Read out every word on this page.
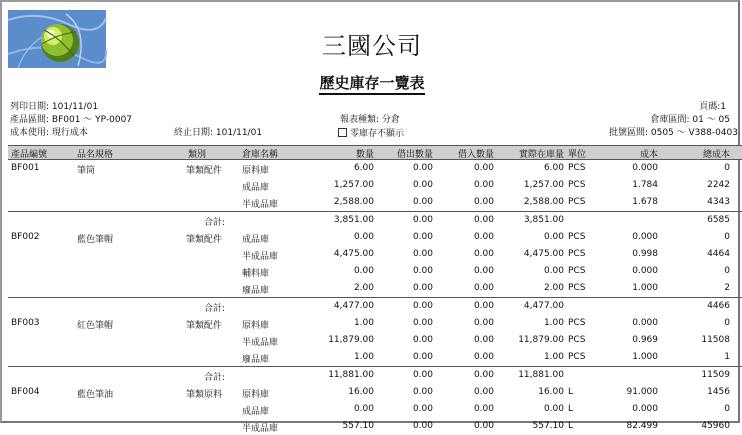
三國公司
歷史庫存一覽表
列印日期: 101/11/01
產品區間: BF001 ～ YP-0007
成本使用: 現行成本
報表種類: 分倉
終止日期: 101/11/01	零庫存不顯示
頁碼:1
倉庫區間: 01 ～ 05
批號區間: 0505 ～ V388-0403
產品編號	品名規格	類別	倉庫名稱	數量	借出數量	借入數量	實際在庫量 單位	成本	總成本
BF001	筆筒	筆類配件 原料庫	6.00	0.00	0.00	6.00 PCS	0.000	0
成品庫	1,257.00	0.00	0.00	1,257.00 PCS	1.784	2242
半成品庫	2,588.00	0.00	0.00	2,588.00 PCS	1.678	4343
合計:	3,851.00	0.00	0.00	3,851.00	6585
BF002	藍色筆帽	筆類配件 成品庫	0.00	0.00	0.00	0.00 PCS	0.000	0
半成品庫	4,475.00	0.00	0.00	4,475.00 PCS	0.998	4464
輔料庫	0.00	0.00	0.00	0.00 PCS	0.000	0
廢品庫	2.00	0.00	0.00	2.00 PCS	1.000	2
合計:	4,477.00	0.00	0.00	4,477.00	4466
BF003	紅色筆帽	筆類配件 原料庫	1.00	0.00	0.00	1.00 PCS	0.000	0
半成品庫	11,879.00	0.00	0.00	11,879.00 PCS	0.969	11508
廢品庫	1.00	0.00	0.00	1.00 PCS	1.000	1
合計:	11,881.00	0.00	0.00	11,881.00	11509
BF004	藍色筆油	筆類原料 原料庫	16.00	0.00	0.00	16.00 L	91.000	1456
成品庫	0.00	0.00	0.00	0.00 L	0.000	0
半成品庫	557.10	0.00	0.00	557.10 L	82.499	45960
